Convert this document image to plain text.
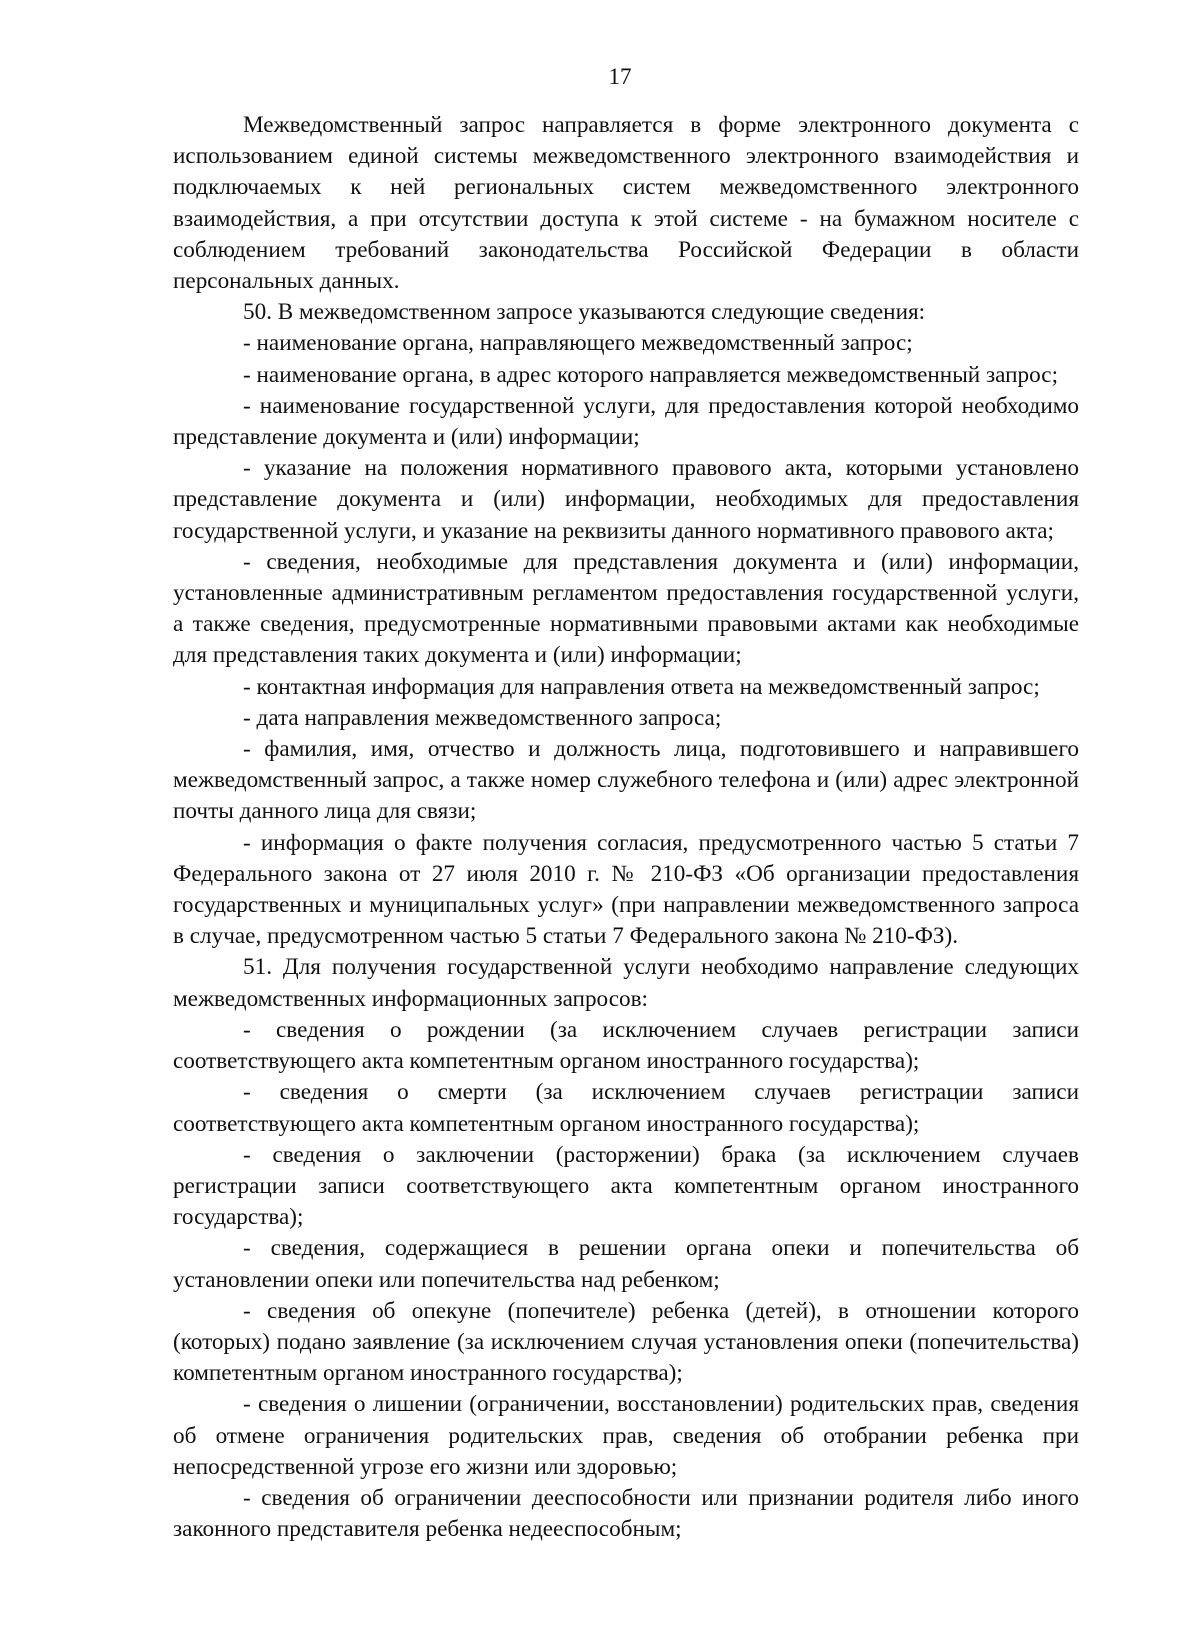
17

Межведомственный запрос направляется в форме электронного документа с использованием единой системы межведомственного электронного взаимодействия и подключаемых к ней региональных систем межведомственного электронного взаимодействия, а при отсутствии доступа к этой системе - на бумажном носителе с соблюдением требований законодательства Российской Федерации в области персональных данных.

50. В межведомственном запросе указываются следующие сведения:

- наименование органа, направляющего межведомственный запрос;

- наименование органа, в адрес которого направляется межведомственный запрос;

- наименование государственной услуги, для предоставления которой необходимо представление документа и (или) информации;

- указание на положения нормативного правового акта, которыми установлено представление документа и (или) информации, необходимых для предоставления государственной услуги, и указание на реквизиты данного нормативного правового акта;

- сведения, необходимые для представления документа и (или) информации, установленные административным регламентом предоставления государственной услуги, а также сведения, предусмотренные нормативными правовыми актами как необходимые для представления таких документа и (или) информации;

- контактная информация для направления ответа на межведомственный запрос;

- дата направления межведомственного запроса;

- фамилия, имя, отчество и должность лица, подготовившего и направившего межведомственный запрос, а также номер служебного телефона и (или) адрес электронной почты данного лица для связи;

- информация о факте получения согласия, предусмотренного частью 5 статьи 7 Федерального закона от 27 июля 2010 г. № 210-ФЗ «Об организации предоставления государственных и муниципальных услуг» (при направлении межведомственного запроса в случае, предусмотренном частью 5 статьи 7 Федерального закона № 210-ФЗ).

51. Для получения государственной услуги необходимо направление следующих межведомственных информационных запросов:

- сведения о рождении (за исключением случаев регистрации записи соответствующего акта компетентным органом иностранного государства);

- сведения о смерти (за исключением случаев регистрации записи соответствующего акта компетентным органом иностранного государства);

- сведения о заключении (расторжении) брака (за исключением случаев регистрации записи соответствующего акта компетентным органом иностранного государства);

- сведения, содержащиеся в решении органа опеки и попечительства об установлении опеки или попечительства над ребенком;

- сведения об опекуне (попечителе) ребенка (детей), в отношении которого (которых) подано заявление (за исключением случая установления опеки (попечительства) компетентным органом иностранного государства);

- сведения о лишении (ограничении, восстановлении) родительских прав, сведения об отмене ограничения родительских прав, сведения об отобрании ребенка при непосредственной угрозе его жизни или здоровью;

- сведения об ограничении дееспособности или признании родителя либо иного законного представителя ребенка недееспособным;
